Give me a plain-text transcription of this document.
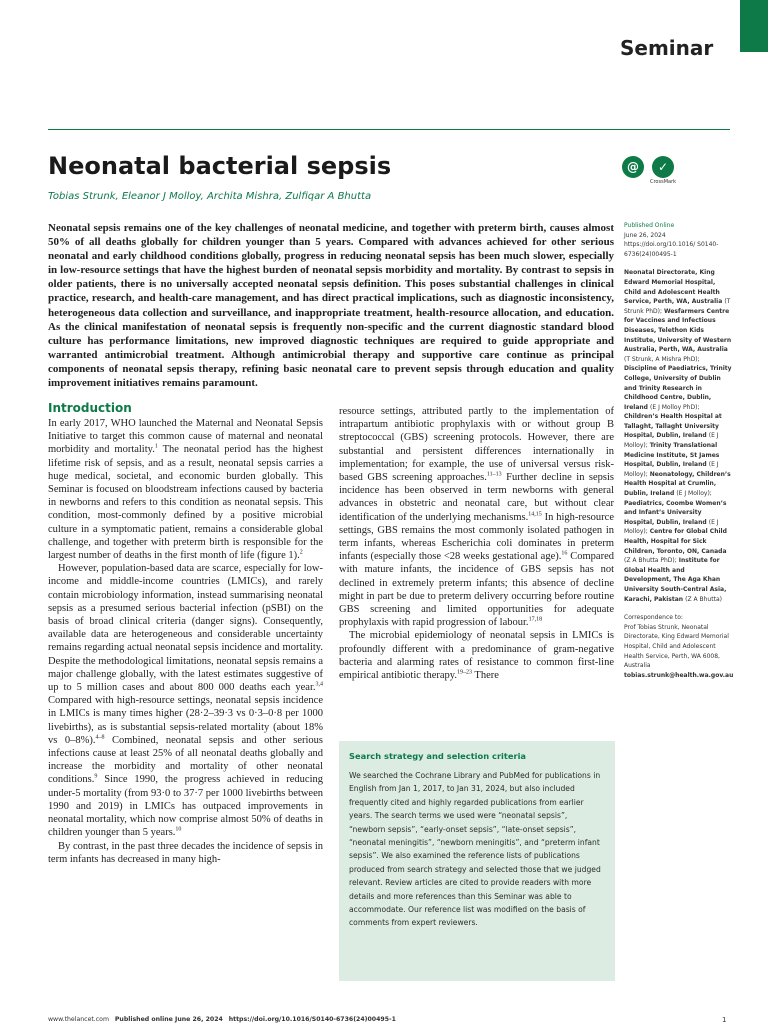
Seminar
Neonatal bacterial sepsis
Tobias Strunk, Eleanor J Molloy, Archita Mishra, Zulfiqar A Bhutta
@	✓
CrossMark

Neonatal sepsis remains one of the key challenges of neonatal medicine, and together with preterm birth, causes almost 50% of all deaths globally for children younger than 5 years. Compared with advances achieved for other serious neonatal and early childhood conditions globally, progress in reducing neonatal sepsis has been much slower, especially in low-resource settings that have the highest burden of neonatal sepsis morbidity and mortality. By contrast to sepsis in older patients, there is no universally accepted neonatal sepsis definition. This poses substantial challenges in clinical practice, research, and health-care management, and has direct practical implications, such as diagnostic inconsistency, heterogeneous data collection and surveillance, and inappropriate treatment, health-resource allocation, and education. As the clinical manifestation of neonatal sepsis is frequently non-specific and the current diagnostic standard blood culture has performance limitations, new improved diagnostic techniques are required to guide appropriate and warranted antimicrobial treatment. Although antimicrobial therapy and supportive care continue as principal components of neonatal sepsis therapy, refining basic neonatal care to prevent sepsis through education and quality improvement initiatives remains paramount.

Published Online
June 26, 2024
https://doi.org/10.1016/ S0140-6736(24)00495-1

Neonatal Directorate, King Edward Memorial Hospital, Child and Adolescent Health Service, Perth, WA, Australia (T Strunk PhD); Wesfarmers Centre for Vaccines and Infectious Diseases, Telethon Kids Institute, University of Western Australia, Perth, WA, Australia (T Strunk, A Mishra PhD); Discipline of Paediatrics, Trinity College, University of Dublin and Trinity Research in Childhood Centre, Dublin, Ireland (E J Molloy PhD); Children’s Health Hospital at Tallaght, Tallaght University Hospital, Dublin, Ireland (E J Molloy); Trinity Translational Medicine Institute, St James Hospital, Dublin, Ireland (E J Molloy); Neonatology, Children’s Health Hospital at Crumlin, Dublin, Ireland (E J Molloy); Paediatrics, Coombe Women’s and Infant’s University Hospital, Dublin, Ireland (E J Molloy); Centre for Global Child Health, Hospital for Sick Children, Toronto, ON, Canada (Z A Bhutta PhD); Institute for Global Health and Development, The Aga Khan University South-Central Asia, Karachi, Pakistan (Z A Bhutta)

Correspondence to:
Prof Tobias Strunk, Neonatal Directorate, King Edward Memorial Hospital, Child and Adolescent Health Service, Perth, WA 6008, Australia
tobias.strunk@health.wa.gov.au

Introduction

In early 2017, WHO launched the Maternal and Neonatal Sepsis Initiative to target this common cause of maternal and neonatal morbidity and mortality.$^1$ The neonatal period has the highest lifetime risk of sepsis, and as a result, neonatal sepsis carries a huge medical, societal, and economic burden globally. This Seminar is focused on bloodstream infections caused by bacteria in newborns and refers to this condition as neonatal sepsis. This condition, most-commonly defined by a positive microbial culture in a symptomatic patient, remains a considerable global challenge, and together with preterm birth is responsible for the largest number of deaths in the first month of life (figure 1).$^2$

However, population-based data are scarce, especially for low-income and middle-income countries (LMICs), and rarely contain microbiology information, instead summarising neonatal sepsis as a presumed serious bacterial infection (pSBI) on the basis of broad clinical criteria (danger signs). Consequently, available data are heterogeneous and considerable uncertainty remains regarding actual neonatal sepsis incidence and mortality. Despite the methodological limitations, neonatal sepsis remains a major challenge globally, with the latest estimates suggestive of up to 5 million cases and about 800 000 deaths each year.$^{3,4}$ Compared with high-resource settings, neonatal sepsis incidence in LMICs is many times higher (28·2–39·3 vs 0·3–0·8 per 1000 livebirths), as is substantial sepsis-related mortality (about 18% vs 0–8%).$^{4-8}$ Combined, neonatal sepsis and other serious infections cause at least 25% of all neonatal deaths globally and increase the morbidity and mortality of other neonatal conditions.$^9$ Since 1990, the progress achieved in reducing under-5 mortality (from 93·0 to 37·7 per 1000 livebirths between 1990 and 2019) in LMICs has outpaced improvements in neonatal mortality, which now comprise almost 50% of deaths in children younger than 5 years.$^{10}$

By contrast, in the past three decades the incidence of sepsis in term infants has decreased in many high-

resource settings, attributed partly to the implementation of intrapartum antibiotic prophylaxis with or without group B streptococcal (GBS) screening protocols. However, there are substantial and persistent differences internationally in implementation; for example, the use of universal versus risk-based GBS screening approaches.$^{11-13}$ Further decline in sepsis incidence has been observed in term newborns with general advances in obstetric and neonatal care, but without clear identification of the underlying mechanisms.$^{14,15}$ In high-resource settings, GBS remains the most commonly isolated pathogen in term infants, whereas Escherichia coli dominates in preterm infants (especially those <28 weeks gestational age).$^{16}$ Compared with mature infants, the incidence of GBS sepsis has not declined in extremely preterm infants; this absence of decline might in part be due to preterm delivery occurring before routine GBS screening and limited opportunities for adequate prophylaxis with rapid progression of labour.$^{17,18}$

The microbial epidemiology of neonatal sepsis in LMICs is profoundly different with a predominance of gram-negative bacteria and alarming rates of resistance to common first-line empirical antibiotic therapy.$^{19-23}$ There

Search strategy and selection criteria

We searched the Cochrane Library and PubMed for publications in English from Jan 1, 2017, to Jan 31, 2024, but also included frequently cited and highly regarded publications from earlier years. The search terms we used were “neonatal sepsis”, “newborn sepsis”, “early-onset sepsis”, “late-onset sepsis”, “neonatal meningitis”, “newborn meningitis”, and “preterm infant sepsis”. We also examined the reference lists of publications produced from search strategy and selected those that we judged relevant. Review articles are cited to provide readers with more details and more references than this Seminar was able to accommodate. Our reference list was modified on the basis of comments from expert reviewers.

www.thelancet.com Published online June 26, 2024 https://doi.org/10.1016/S0140-6736(24)00495-1	1
